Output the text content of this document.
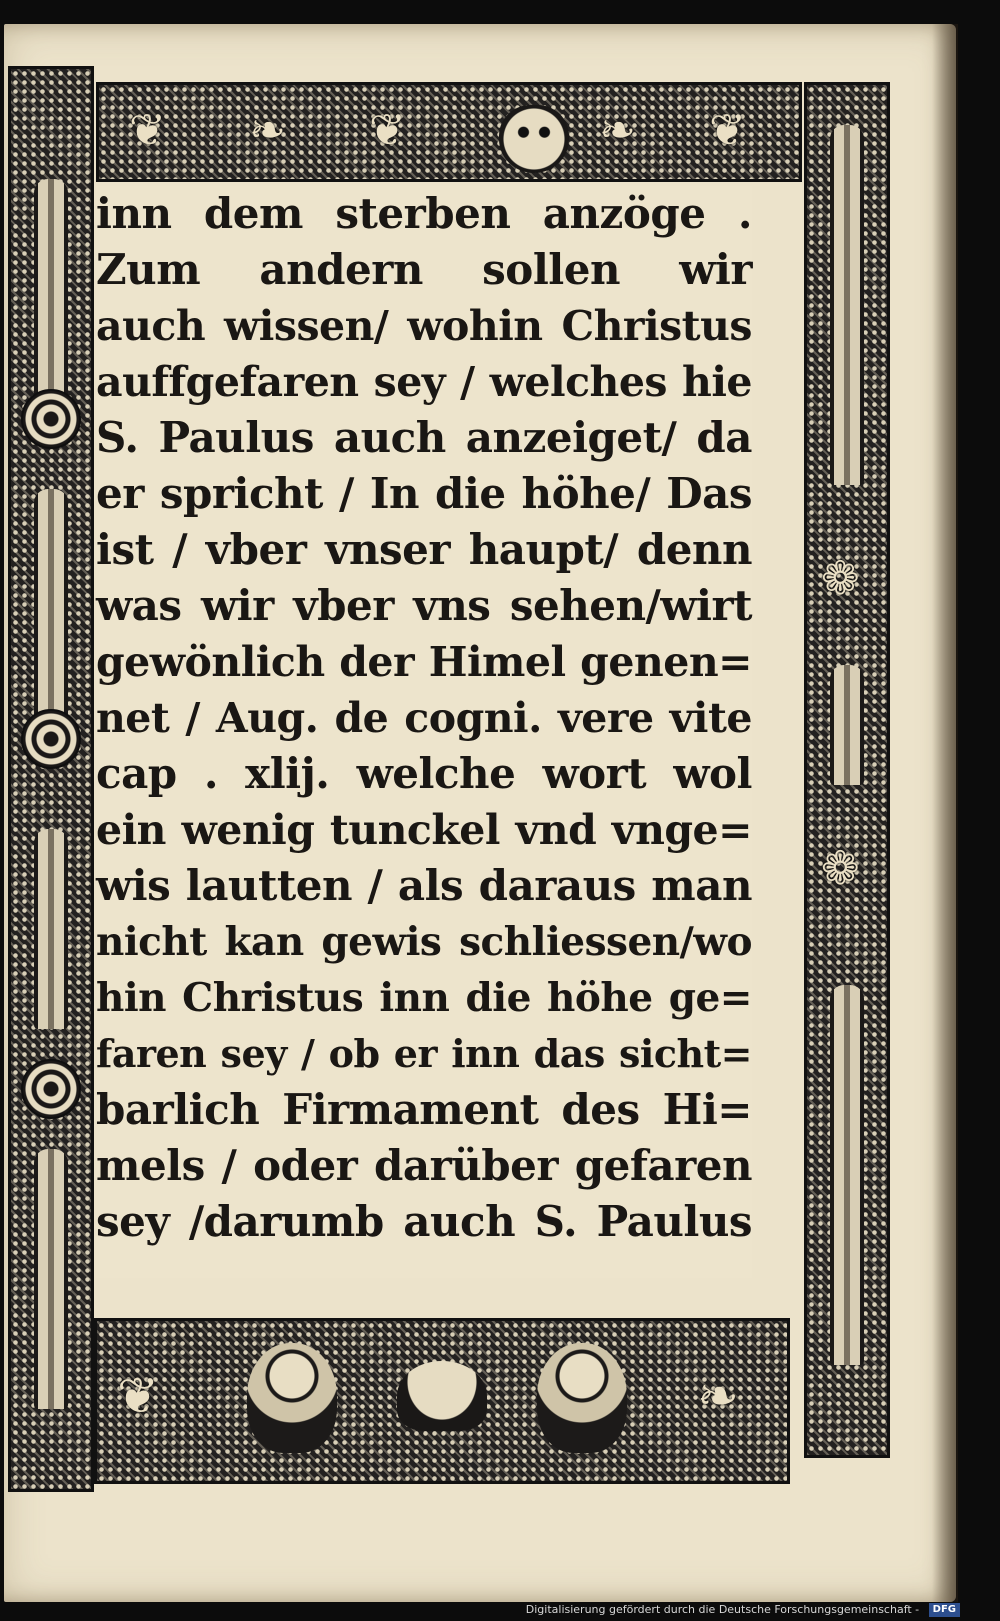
❦ ❧ ❦	❧ ❦
❁
❁
❦	❧
inn dem sterben anzöge .
Zum andern sollen wir
auch wissen/ wohin Christus
auffgefaren sey / welches hie
S. Paulus auch anzeiget/ da
er spricht / In die höhe/ Das
ist / vber vnser haupt/ denn
was wir vber vns sehen/wirt
gewönlich der Himel genen=
net / Aug. de cogni. vere vite
cap . xlij. welche wort wol
ein wenig tunckel vnd vnge=
wis lautten / als daraus man
nicht kan gewis schliessen/wo
hin Christus inn die höhe ge=
faren sey / ob er inn das sicht=
barlich Firmament des Hi=
mels / oder darüber gefaren
sey /darumb auch S. Paulus
Digitalisierung gefördert durch die Deutsche Forschungsgemeinschaft - DFG
